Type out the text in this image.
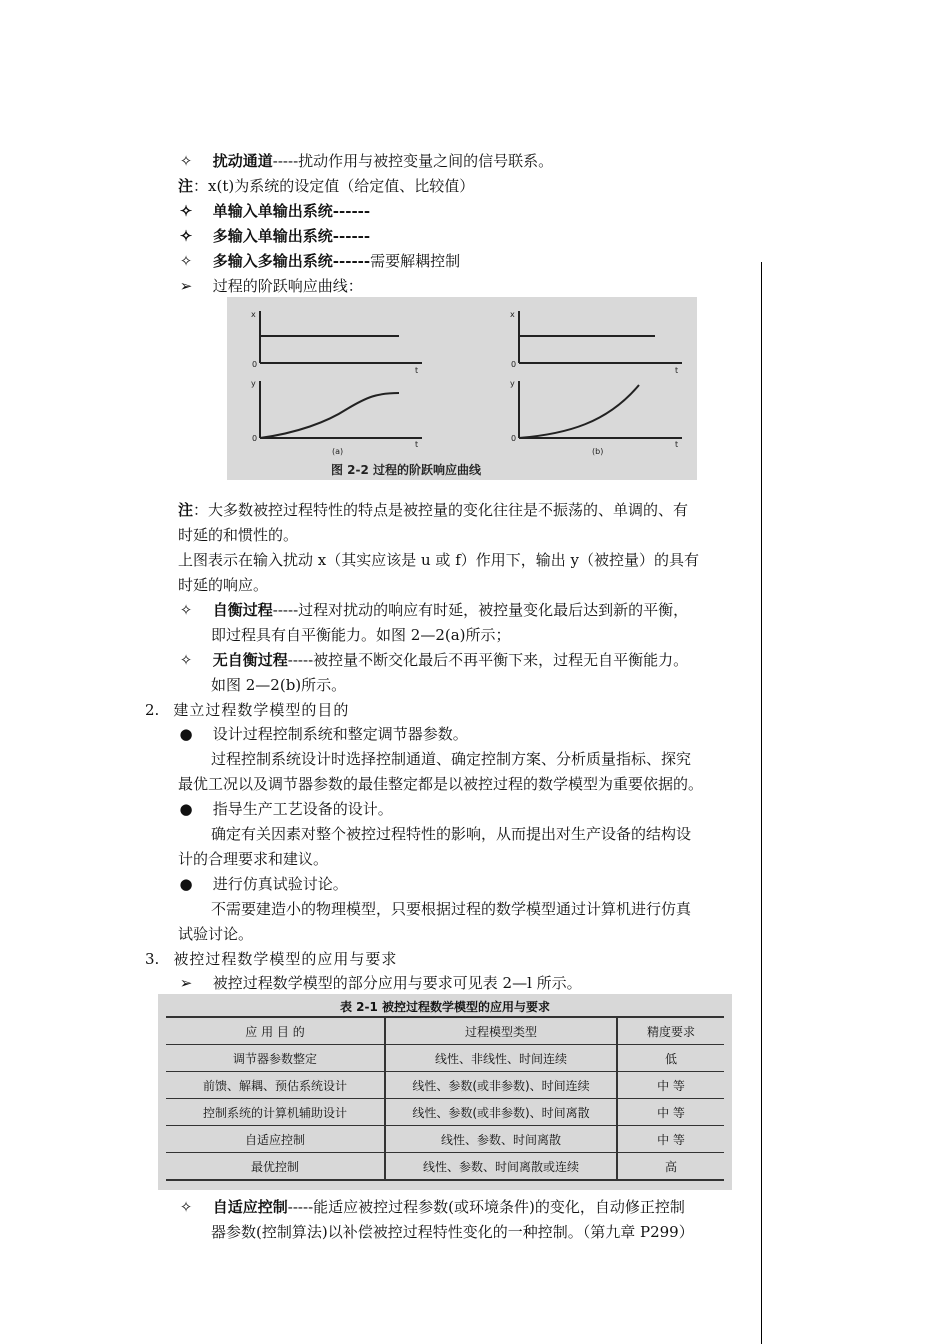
✧ 扰动通道-----扰动作用与被控变量之间的信号联系。
注：x(t)为系统的设定值（给定值、比较值）
✧ 单输入单输出系统------
✧ 多输入单输出系统------
✧ 多输入多输出系统------需要解耦控制
➢ 过程的阶跃响应曲线：
x
0
t
y
0
t
x
0
t
y
0
t
(a)	(b)
图 2-2 过程的阶跃响应曲线
注：大多数被控过程特性的特点是被控量的变化往往是不振荡的、单调的、有
时延的和惯性的。
上图表示在输入扰动 x（其实应该是 u 或 f）作用下，输出 y（被控量）的具有
时延的响应。
✧ 自衡过程-----过程对扰动的响应有时延，被控量变化最后达到新的平衡，
即过程具有自平衡能力。如图 2—2(a)所示；
✧ 无自衡过程-----被控量不断交化最后不再平衡下来，过程无自平衡能力。
如图 2—2(b)所示。
2. 建立过程数学模型的目的
● 设计过程控制系统和整定调节器参数。
过程控制系统设计时选择控制通道、确定控制方案、分析质量指标、探究
最优工况以及调节器参数的最佳整定都是以被控过程的数学模型为重要依据的。
● 指导生产工艺设备的设计。
确定有关因素对整个被控过程特性的影响，从而提出对生产设备的结构设
计的合理要求和建议。
● 进行仿真试验讨论。
不需要建造小的物理模型，只要根据过程的数学模型通过计算机进行仿真
试验讨论。
3. 被控过程数学模型的应用与要求
➢ 被控过程数学模型的部分应用与要求可见表 2—l 所示。
表 2-1 被控过程数学模型的应用与要求
应 用 目 的	过程模型类型	精度要求
调节器参数整定	线性、非线性、时间连续	低
前馈、解耦、预估系统设计	线性、参数(或非参数)、时间连续	中 等
控制系统的计算机辅助设计	线性、参数(或非参数)、时间离散	中 等
自适应控制	线性、参数、时间离散	中 等
最优控制	线性、参数、时间离散或连续	高
✧ 自适应控制-----能适应被控过程参数(或环境条件)的变化，自动修正控制
器参数(控制算法)以补偿被控过程特性变化的一种控制。（第九章 P299）
